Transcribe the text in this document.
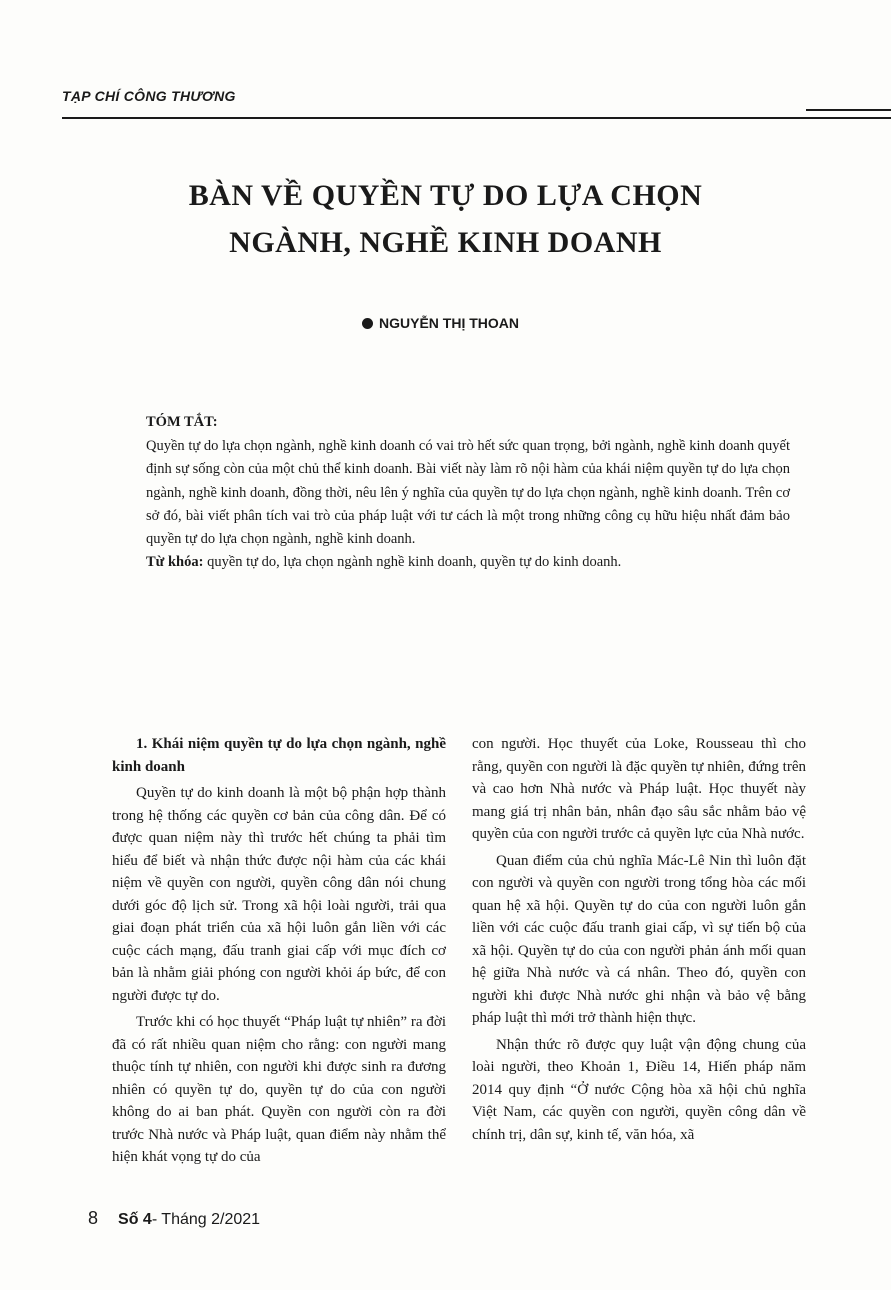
TẠP CHÍ CÔNG THƯƠNG
BÀN VỀ QUYỀN TỰ DO LỰA CHỌN
NGÀNH, NGHỀ KINH DOANH
NGUYỄN THỊ THOAN

TÓM TẮT:

Quyền tự do lựa chọn ngành, nghề kinh doanh có vai trò hết sức quan trọng, bởi ngành, nghề kinh doanh quyết định sự sống còn của một chủ thể kinh doanh. Bài viết này làm rõ nội hàm của khái niệm quyền tự do lựa chọn ngành, nghề kinh doanh, đồng thời, nêu lên ý nghĩa của quyền tự do lựa chọn ngành, nghề kinh doanh. Trên cơ sở đó, bài viết phân tích vai trò của pháp luật với tư cách là một trong những công cụ hữu hiệu nhất đảm bảo quyền tự do lựa chọn ngành, nghề kinh doanh.

Từ khóa: quyền tự do, lựa chọn ngành nghề kinh doanh, quyền tự do kinh doanh.

1. Khái niệm quyền tự do lựa chọn ngành, nghề kinh doanh

Quyền tự do kinh doanh là một bộ phận hợp thành trong hệ thống các quyền cơ bản của công dân. Để có được quan niệm này thì trước hết chúng ta phải tìm hiểu để biết và nhận thức được nội hàm của các khái niệm về quyền con người, quyền công dân nói chung dưới góc độ lịch sử. Trong xã hội loài người, trải qua giai đoạn phát triển của xã hội luôn gắn liền với các cuộc cách mạng, đấu tranh giai cấp với mục đích cơ bản là nhằm giải phóng con người khỏi áp bức, để con người được tự do.

Trước khi có học thuyết “Pháp luật tự nhiên” ra đời đã có rất nhiều quan niệm cho rằng: con người mang thuộc tính tự nhiên, con người khi được sinh ra đương nhiên có quyền tự do, quyền tự do của con người không do ai ban phát. Quyền con người còn ra đời trước Nhà nước và Pháp luật, quan điểm này nhằm thể hiện khát vọng tự do của

con người. Học thuyết của Loke, Rousseau thì cho rằng, quyền con người là đặc quyền tự nhiên, đứng trên và cao hơn Nhà nước và Pháp luật. Học thuyết này mang giá trị nhân bản, nhân đạo sâu sắc nhằm bảo vệ quyền của con người trước cả quyền lực của Nhà nước.

Quan điểm của chủ nghĩa Mác-Lê Nin thì luôn đặt con người và quyền con người trong tổng hòa các mối quan hệ xã hội. Quyền tự do của con người luôn gắn liền với các cuộc đấu tranh giai cấp, vì sự tiến bộ của xã hội. Quyền tự do của con người phản ánh mối quan hệ giữa Nhà nước và cá nhân. Theo đó, quyền con người khi được Nhà nước ghi nhận và bảo vệ bằng pháp luật thì mới trở thành hiện thực.

Nhận thức rõ được quy luật vận động chung của loài người, theo Khoản 1, Điều 14, Hiến pháp năm 2014 quy định “Ở nước Cộng hòa xã hội chủ nghĩa Việt Nam, các quyền con người, quyền công dân về chính trị, dân sự, kinh tế, văn hóa, xã

8 Số 4 - Tháng 2/2021
